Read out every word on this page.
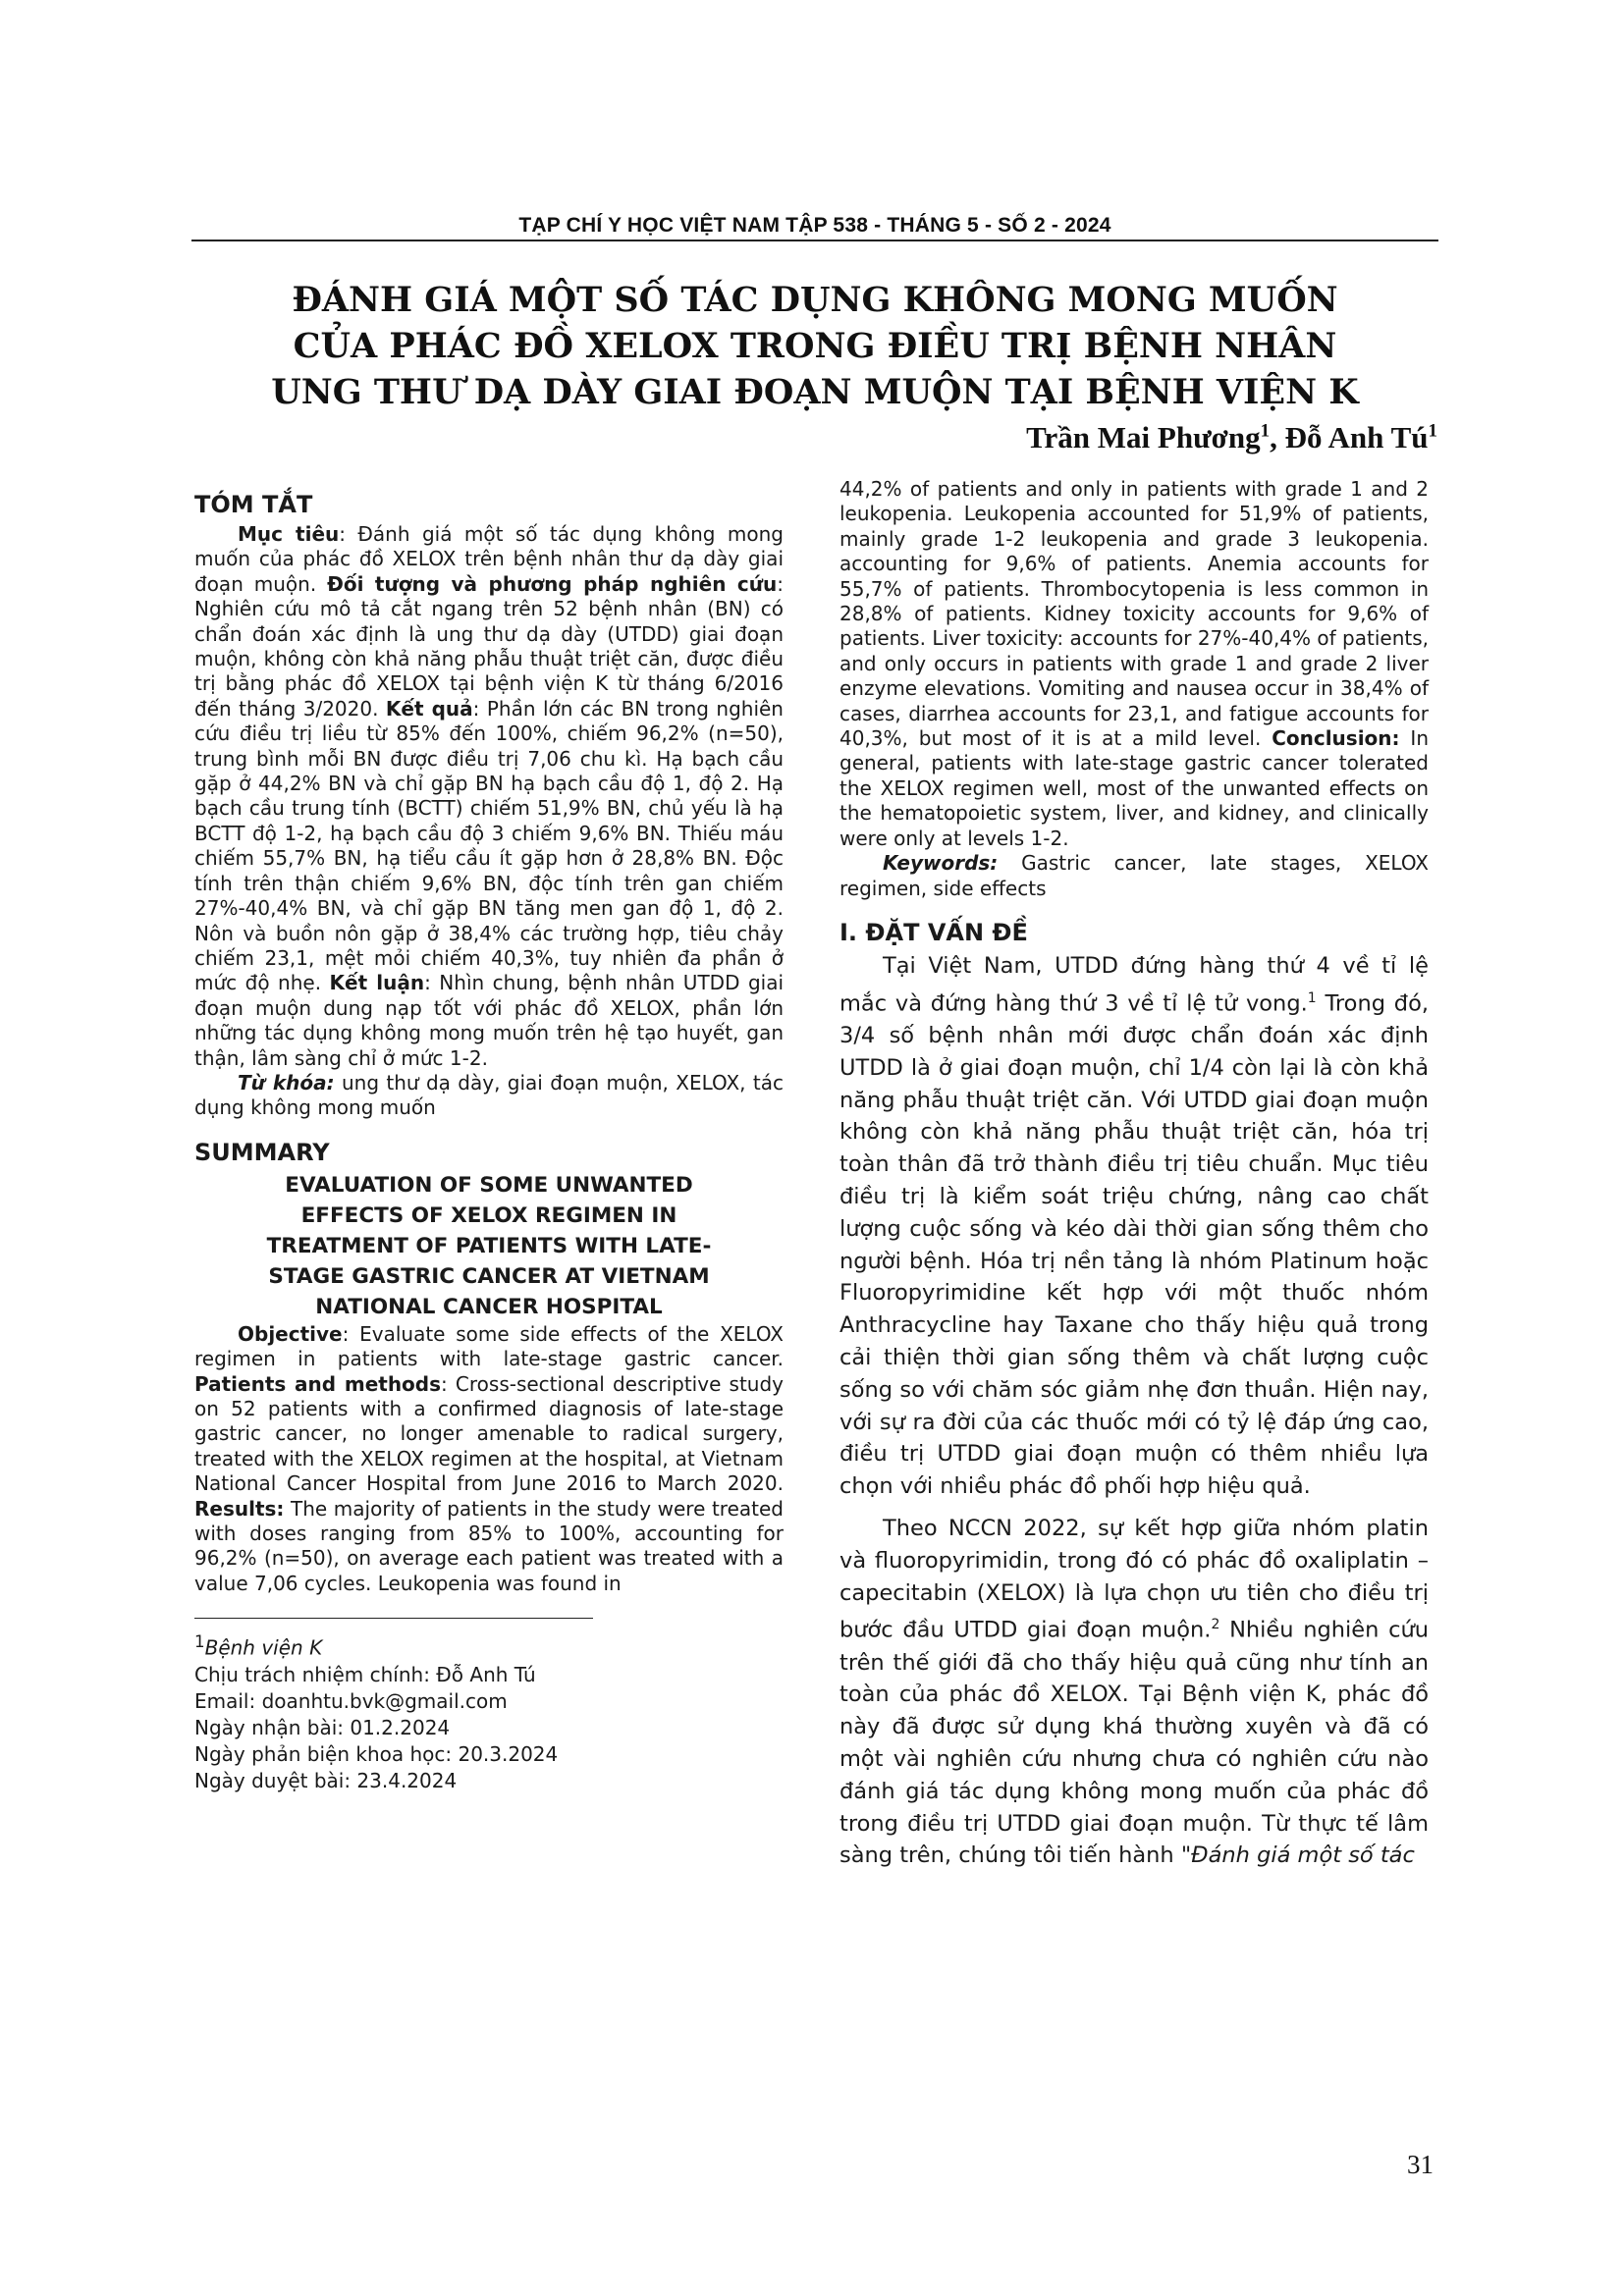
TẠP CHÍ Y HỌC VIỆT NAM TẬP 538 - THÁNG 5 - SỐ 2 - 2024
ĐÁNH GIÁ MỘT SỐ TÁC DỤNG KHÔNG MONG MUỐN
CỦA PHÁC ĐỒ XELOX TRONG ĐIỀU TRỊ BỆNH NHÂN
UNG THƯ DẠ DÀY GIAI ĐOẠN MUỘN TẠI BỆNH VIỆN K
Trần Mai Phương$^1$, Đỗ Anh $Tú^1$
TÓM TẮT

Mục tiêu: Đánh giá một số tác dụng không mong muốn của phác đồ XELOX trên bệnh nhân thư dạ dày giai đoạn muộn. Đối tượng và phương pháp nghiên cứu: Nghiên cứu mô tả cắt ngang trên 52 bệnh nhân (BN) có chẩn đoán xác định là ung thư dạ dày (UTDD) giai đoạn muộn, không còn khả năng phẫu thuật triệt căn, được điều trị bằng phác đồ XELOX tại bệnh viện K từ tháng 6/2016 đến tháng 3/2020. Kết quả: Phần lớn các BN trong nghiên cứu điều trị liều từ 85% đến 100%, chiếm 96,2% (n=50), trung bình mỗi BN được điều trị 7,06 chu kì. Hạ bạch cầu gặp ở 44,2% BN và chỉ gặp BN hạ bạch cầu độ 1, độ 2. Hạ bạch cầu trung tính (BCTT) chiếm 51,9% BN, chủ yếu là hạ BCTT độ 1-2, hạ bạch cầu độ 3 chiếm 9,6% BN. Thiếu máu chiếm 55,7% BN, hạ tiểu cầu ít gặp hơn ở 28,8% BN. Độc tính trên thận chiếm 9,6% BN, độc tính trên gan chiếm 27%-40,4% BN, và chỉ gặp BN tăng men gan độ 1, độ 2. Nôn và buồn nôn gặp ở 38,4% các trường hợp, tiêu chảy chiếm 23,1, mệt mỏi chiếm 40,3%, tuy nhiên đa phần ở mức độ nhẹ. Kết luận: Nhìn chung, bệnh nhân UTDD giai đoạn muộn dung nạp tốt với phác đồ XELOX, phần lớn những tác dụng không mong muốn trên hệ tạo huyết, gan thận, lâm sàng chỉ ở mức 1-2.

Từ khóa: ung thư dạ dày, giai đoạn muộn, XELOX, tác dụng không mong muốn

SUMMARY
EVALUATION OF SOME UNWANTED
EFFECTS OF XELOX REGIMEN IN
TREATMENT OF PATIENTS WITH LATE-
STAGE GASTRIC CANCER AT VIETNAM
NATIONAL CANCER HOSPITAL

Objective: Evaluate some side effects of the XELOX regimen in patients with late-stage gastric cancer. Patients and methods: Cross-sectional descriptive study on 52 patients with a confirmed diagnosis of late-stage gastric cancer, no longer amenable to radical surgery, treated with the XELOX regimen at the hospital, at Vietnam National Cancer Hospital from June 2016 to March 2020. Results: The majority of patients in the study were treated with doses ranging from 85% to 100%, accounting for 96,2% (n=50), on average each patient was treated with a value 7,06 cycles. Leukopenia was found in

$^1$Bệnh viện K
Chịu trách nhiệm chính: Đỗ Anh Tú
Email: doanhtu.bvk@gmail.com
Ngày nhận bài: 01.2.2024
Ngày phản biện khoa học: 20.3.2024
Ngày duyệt bài: 23.4.2024

44,2% of patients and only in patients with grade 1 and 2 leukopenia. Leukopenia accounted for 51,9% of patients, mainly grade 1-2 leukopenia and grade 3 leukopenia. accounting for 9,6% of patients. Anemia accounts for 55,7% of patients. Thrombocytopenia is less common in 28,8% of patients. Kidney toxicity accounts for 9,6% of patients. Liver toxicity: accounts for 27%-40,4% of patients, and only occurs in patients with grade 1 and grade 2 liver enzyme elevations. Vomiting and nausea occur in 38,4% of cases, diarrhea accounts for 23,1, and fatigue accounts for 40,3%, but most of it is at a mild level. Conclusion: In general, patients with late-stage gastric cancer tolerated the XELOX regimen well, most of the unwanted effects on the hematopoietic system, liver, and kidney, and clinically were only at levels 1-2.

Keywords: Gastric cancer, late stages, XELOX regimen, side effects

I. ĐẶT VẤN ĐỀ

Tại Việt Nam, UTDD đứng hàng thứ 4 về tỉ lệ mắc và đứng hàng thứ 3 về tỉ lệ tử vong.$^1$ Trong đó, 3/4 số bệnh nhân mới được chẩn đoán xác định UTDD là ở giai đoạn muộn, chỉ 1/4 còn lại là còn khả năng phẫu thuật triệt căn. Với UTDD giai đoạn muộn không còn khả năng phẫu thuật triệt căn, hóa trị toàn thân đã trở thành điều trị tiêu chuẩn. Mục tiêu điều trị là kiểm soát triệu chứng, nâng cao chất lượng cuộc sống và kéo dài thời gian sống thêm cho người bệnh. Hóa trị nền tảng là nhóm Platinum hoặc Fluoropyrimidine kết hợp với một thuốc nhóm Anthracycline hay Taxane cho thấy hiệu quả trong cải thiện thời gian sống thêm và chất lượng cuộc sống so với chăm sóc giảm nhẹ đơn thuần. Hiện nay, với sự ra đời của các thuốc mới có tỷ lệ đáp ứng cao, điều trị UTDD giai đoạn muộn có thêm nhiều lựa chọn với nhiều phác đồ phối hợp hiệu quả.

Theo NCCN 2022, sự kết hợp giữa nhóm platin và fluoropyrimidin, trong đó có phác đồ oxaliplatin – capecitabin (XELOX) là lựa chọn ưu tiên cho điều trị bước đầu UTDD giai đoạn muộn.$^2$ Nhiều nghiên cứu trên thế giới đã cho thấy hiệu quả cũng như tính an toàn của phác đồ XELOX. Tại Bệnh viện K, phác đồ này đã được sử dụng khá thường xuyên và đã có một vài nghiên cứu nhưng chưa có nghiên cứu nào đánh giá tác dụng không mong muốn của phác đồ trong điều trị UTDD giai đoạn muộn. Từ thực tế lâm sàng trên, chúng tôi tiến hành "Đánh giá một số tác

31
